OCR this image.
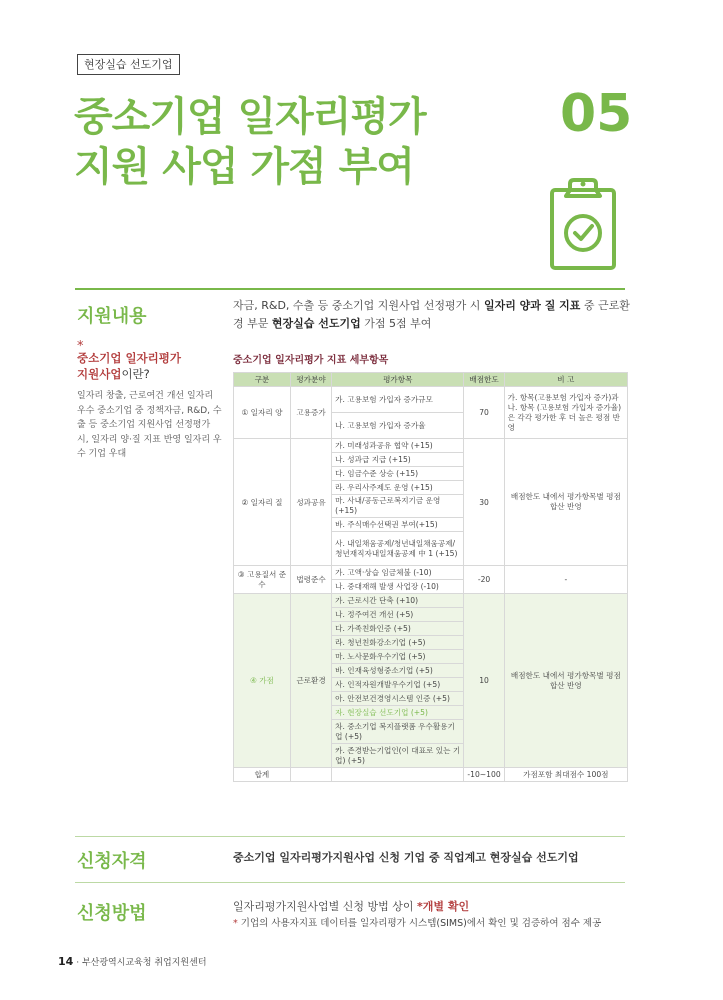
현장실습 선도기업
중소기업 일자리평가
지원 사업 가점 부여
05
지원내용
*
중소기업 일자리평가
지원사업이란?
일자리 창출, 근로여건 개선 일자리 우수 중소기업 중 정책자금, R&D, 수출 등 중소기업 지원사업 선정평가 시, 일자리 양·질 지표 반영 일자리 우수 기업 우대
자금, R&D, 수출 등 중소기업 지원사업 선정평가 시 일자리 양과 질 지표 중 근로환경 부문 현장실습 선도기업 가점 5점 부여
중소기업 일자리평가 지표 세부항목
구분	평가분야	평가항목	배점한도	비 고
① 일자리 양	고용증가	가. 고용보험 가입자 증가규모	70	가. 항목(고용보험 가입자 증가)과 나. 항목 (고용보험 가입자 증가율)은 각각 평가한 후 더 높은 평점 반영
		나. 고용보험 가입자 증가율		
② 일자리 질	성과공유	가. 미래성과공유 협약 (+15)	30	배점한도 내에서 평가항목별 평점 합산 반영
		나. 성과급 지급 (+15)		
		다. 임금수준 상승 (+15)		
		라. 우리사주제도 운영 (+15)		
		마. 사내/공동근로복지기금 운영 (+15)		
		바. 주식매수선택권 부여(+15)		
		사. 내일채움공제/청년내일채움공제/청년재직자내일채움공제 中 1 (+15)		
③ 고용질서 준수	법령준수	가. 고액·상습 임금체불 (-10)	-20	-
		나. 중대재해 발생 사업장 (-10)		
④ 가점	근로환경	가. 근로시간 단축 (+10)	10	배점한도 내에서 평가항목별 평점 합산 반영
		나. 정주여건 개선 (+5)		
		다. 가족친화인증 (+5)		
		라. 청년친화강소기업 (+5)		
		마. 노사문화우수기업 (+5)		
		바. 인재육성형중소기업 (+5)		
		사. 인적자원개발우수기업 (+5)		
		아. 안전보건경영시스템 인증 (+5)		
		자. 현장실습 선도기업 (+5)		
		차. 중소기업 복지플랫폼 우수활용기업 (+5)		
		카. 존경받는기업인(이 대표로 있는 기업) (+5)		
합계			-10~100	가점포함 최대점수 100점
신청자격	중소기업 일자리평가지원사업 신청 기업 중 직업계고 현장실습 선도기업
신청방법	일자리평가지원사업별 신청 방법 상이 *개별 확인
* 기업의 사용자지표 데이터를 일자리평가 시스템(SIMS)에서 확인 및 검증하여 점수 제공
14 · 부산광역시교육청 취업지원센터
